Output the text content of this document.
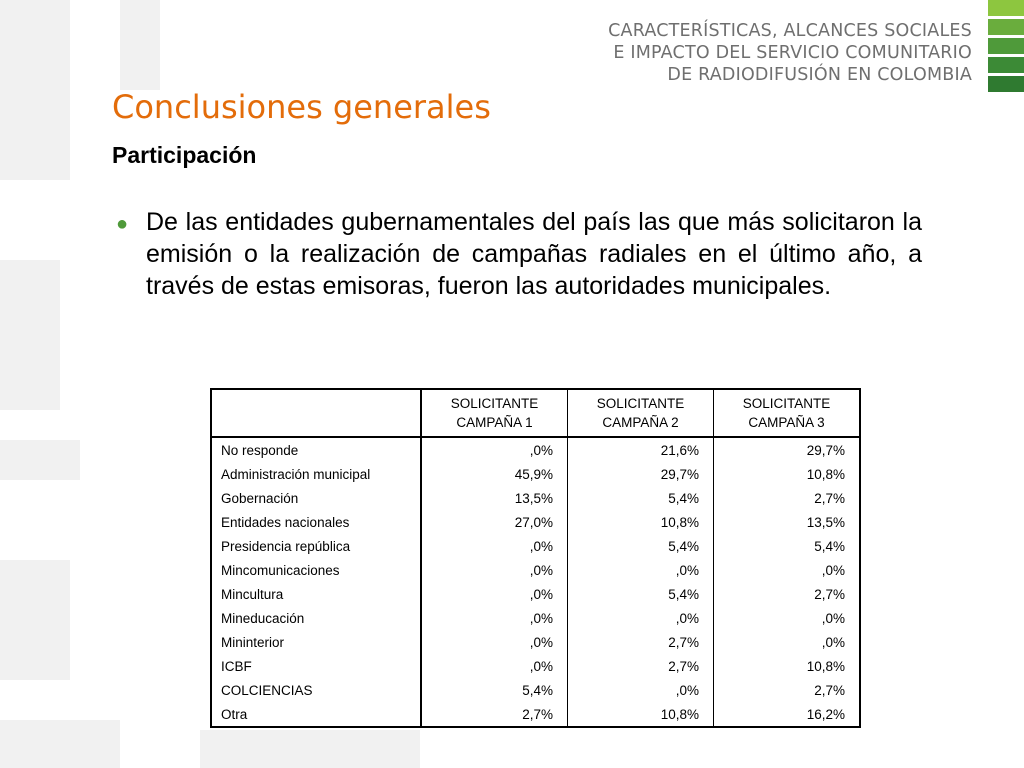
CARACTERÍSTICAS, ALCANCES SOCIALES
E IMPACTO DEL SERVICIO COMUNITARIO
DE RADIODIFUSIÓN EN COLOMBIA
Conclusiones generales
Participación
● De las entidades gubernamentales del país las que más solicitaron la emisión o la realización de campañas radiales en el último año, a través de estas emisoras, fueron las autoridades municipales.

	SOLICITANTE
CAMPAÑA 1	SOLICITANTE
CAMPAÑA 2	SOLICITANTE
CAMPAÑA 3
No responde	,0%	21,6%	29,7%
Administración municipal	45,9%	29,7%	10,8%
Gobernación	13,5%	5,4%	2,7%
Entidades nacionales	27,0%	10,8%	13,5%
Presidencia república	,0%	5,4%	5,4%
Mincomunicaciones	,0%	,0%	,0%
Mincultura	,0%	5,4%	2,7%
Mineducación	,0%	,0%	,0%
Mininterior	,0%	2,7%	,0%
ICBF	,0%	2,7%	10,8%
COLCIENCIAS	5,4%	,0%	2,7%
Otra	2,7%	10,8%	16,2%
